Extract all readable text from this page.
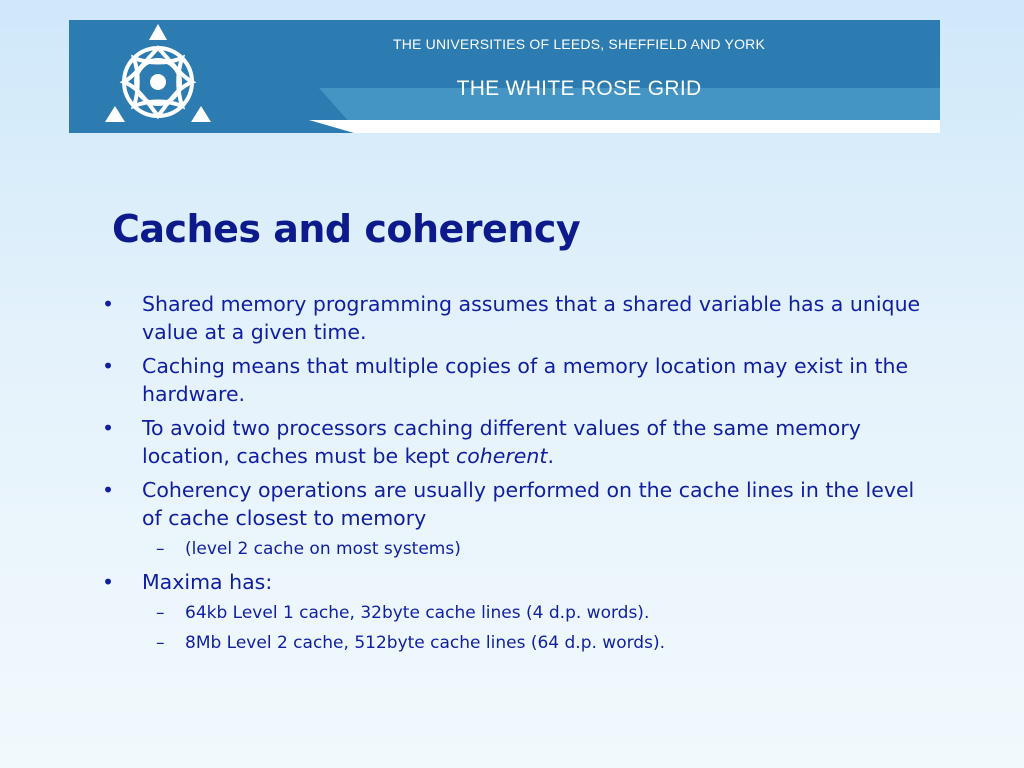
THE UNIVERSITIES OF LEEDS, SHEFFIELD AND YORK
THE WHITE ROSE GRID
Caches and coherency
•	Shared memory programming assumes that a shared variable has a unique value at a given time.
•	Caching means that multiple copies of a memory location may exist in the hardware.
•	To avoid two processors caching different values of the same memory location, caches must be kept coherent.
•	Coherency operations are usually performed on the cache lines in the level of cache closest to memory
– (level 2 cache on most systems)
•	Maxima has:
– 64kb Level 1 cache, 32byte cache lines (4 d.p. words).
– 8Mb Level 2 cache, 512byte cache lines (64 d.p. words).
